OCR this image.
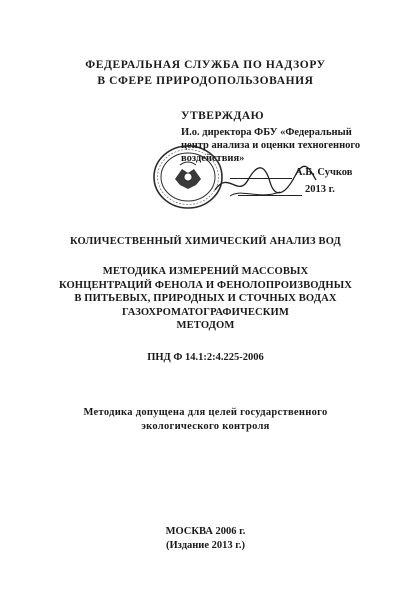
ФЕДЕРАЛЬНАЯ СЛУЖБА ПО НАДЗОРУ
В СФЕРЕ ПРИРОДОПОЛЬЗОВАНИЯ
УТВЕРЖДАЮ
И.о. директора ФБУ «Федеральный
центр анализа и оценки техногенного
воздействия»
А.Б. Сучков
2013 г.
КОЛИЧЕСТВЕННЫЙ ХИМИЧЕСКИЙ АНАЛИЗ ВОД
МЕТОДИКА ИЗМЕРЕНИЙ МАССОВЫХ
КОНЦЕНТРАЦИЙ ФЕНОЛА И ФЕНОЛОПРОИЗВОДНЫХ
В ПИТЬЕВЫХ, ПРИРОДНЫХ И СТОЧНЫХ ВОДАХ
ГАЗОХРОМАТОГРАФИЧЕСКИМ
МЕТОДОМ
ПНД Ф 14.1:2:4.225-2006
Методика допущена для целей государственного
экологического контроля
МОСКВА 2006 г.
(Издание 2013 г.)
